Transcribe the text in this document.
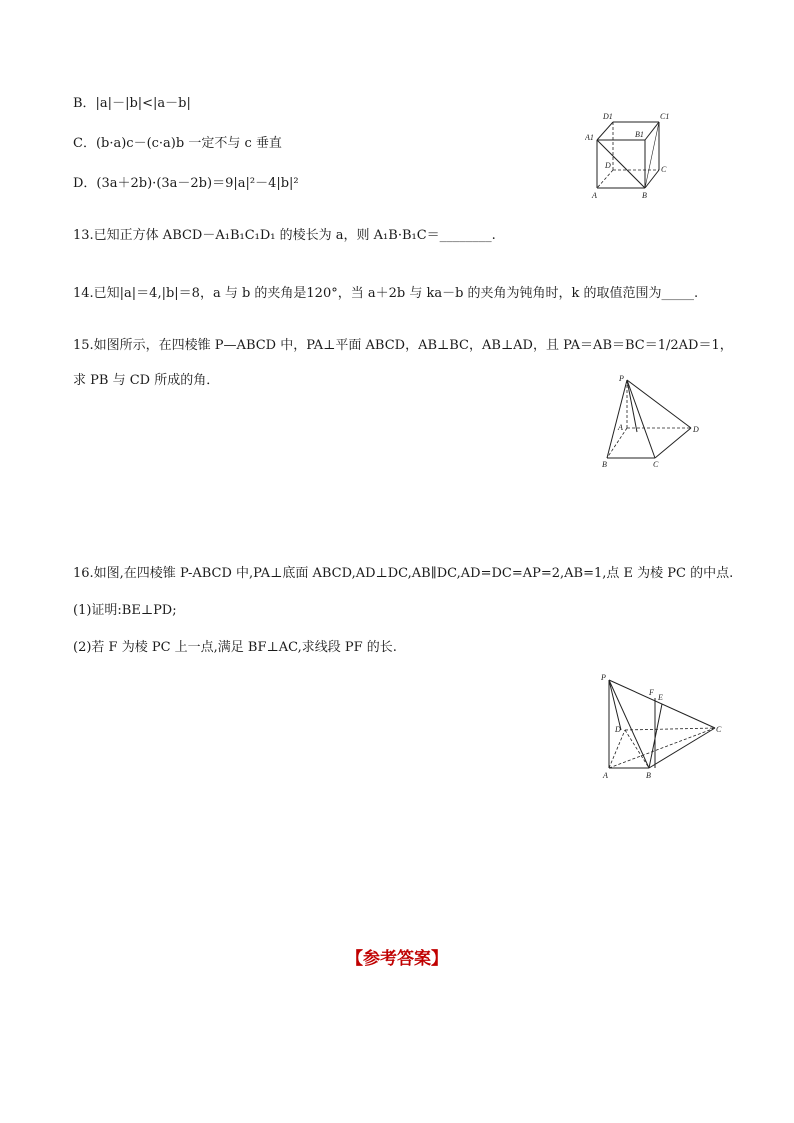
B．|a|－|b|<|a－b|
C．(b·a)c－(c·a)b 一定不与 c 垂直
D．(3a＋2b)·(3a－2b)＝9|a|²－4|b|²
D1	C1
A1	B1
D	C
A	B
13.已知正方体 ABCD－A₁B₁C₁D₁ 的棱长为 a，则 A₁B·B₁C＝________.
14.已知|a|＝4,|b|＝8，a 与 b 的夹角是120°，当 a＋2b 与 ka－b 的夹角为钝角时，k 的取值范围为_____.
15.如图所示，在四棱锥 P—ABCD 中，PA⊥平面 ABCD，AB⊥BC，AB⊥AD，且 PA＝AB＝BC＝1/2AD＝1，
求 PB 与 CD 所成的角．	P
A	D
B	C
16.如图,在四棱锥 P-ABCD 中,PA⊥底面 ABCD,AD⊥DC,AB∥DC,AD=DC=AP=2,AB=1,点 E 为棱 PC 的中点.
(1)证明:BE⊥PD;
(2)若 F 为棱 PC 上一点,满足 BF⊥AC,求线段 PF 的长.
P
F
E
D	C
A	B
【参考答案】
